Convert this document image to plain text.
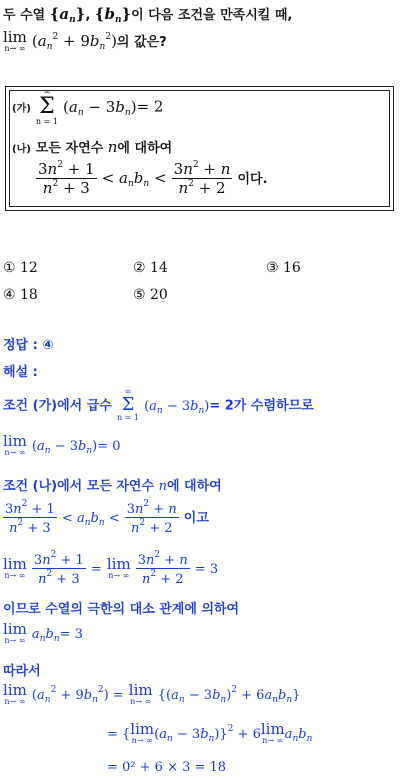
두 수열 $\{a_n\}$, $\{b_n\}$이 다음 조건을 만족시킬 때,
lim
n→ ∞ $(a_n^2 + 9b_n^2)$의 값은?
(가)
∞
Σ
n = 1
$(a_n - 3b_n)= 2$
(나) 모든 자연수 n에 대하여
$\frac{3n^2 + 1}{n^2 + 3} < a_nb_n < \frac{3n^2 + n}{n^2 + 2}$ 이다.
① 12	② 14	③ 16
④ 18	⑤ 20
정답 : ④
해설 :
조건 (가)에서 급수
∞
Σ
n = 1
$(a_n - 3b_n)= 2$가 수렴하므로
lim
n→ ∞ $(a_n - 3b_n)= 0$
조건 (나)에서 모든 자연수 n에 대하여
$\frac{3n^2 + 1}{n^2 + 3} < a_nb_n < \frac{3n^2 + n}{n^2 + 2}$ 이고
lim
n→ ∞
$\frac{3n^2 + 1}{n^2 + 3} = \lim$
n→ ∞
$\frac{3n^2 + n}{n^2 + 2} = 3$
이므로 수열의 극한의 대소 관계에 의하여
lim
n→ ∞ $a_nb_n= 3$
따라서
lim
n→ ∞ $(a_n^2 + 9b_n^2) = \lim$
n→ ∞ $\{(a_n - 3b_n)^2 + 6a_nb_n\}$
= { lim
n→ ∞ $(a_n - 3b_n)\}^2 + 6$ lim
n→ ∞ $a_nb_n$
= 0² + 6 × 3 = 18
